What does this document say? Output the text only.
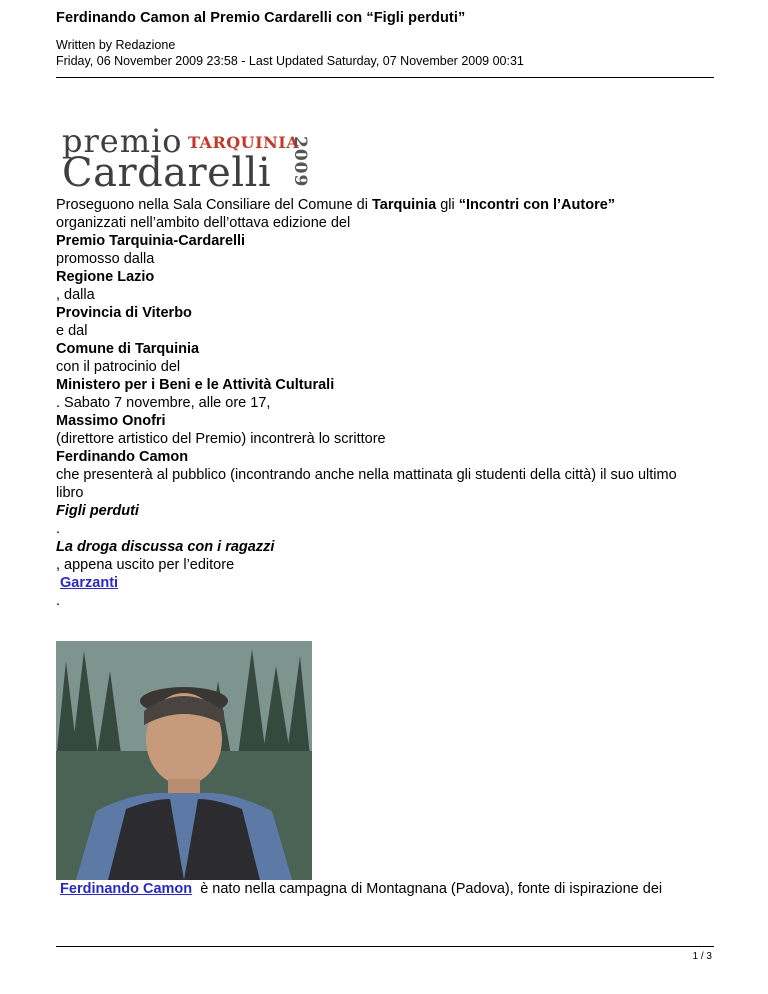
Ferdinando Camon al Premio Cardarelli con “Figli perduti”
Written by Redazione
Friday, 06 November 2009 23:58 - Last Updated Saturday, 07 November 2009 00:31
premio TARQUINIA
Cardarelli 2009
Proseguono nella Sala Consiliare del Comune di Tarquinia gli “Incontri con l’Autore”
organizzati nell’ambito dell’ottava edizione del
Premio Tarquinia-Cardarelli
promosso dalla
Regione Lazio
, dalla
Provincia di Viterbo
e dal
Comune di Tarquinia
con il patrocinio del
Ministero per i Beni e le Attività Culturali
. Sabato 7 novembre, alle ore 17,
Massimo Onofri
(direttore artistico del Premio) incontrerà lo scrittore
Ferdinando Camon
che presenterà al pubblico (incontrando anche nella mattinata gli studenti della città) il suo ultimo libro
Figli perduti
.
La droga discussa con i ragazzi
, appena uscito per l’editore
Garzanti
.
Ferdinando Camon  è nato nella campagna di Montagnana (Padova), fonte di ispirazione dei
1 / 3
